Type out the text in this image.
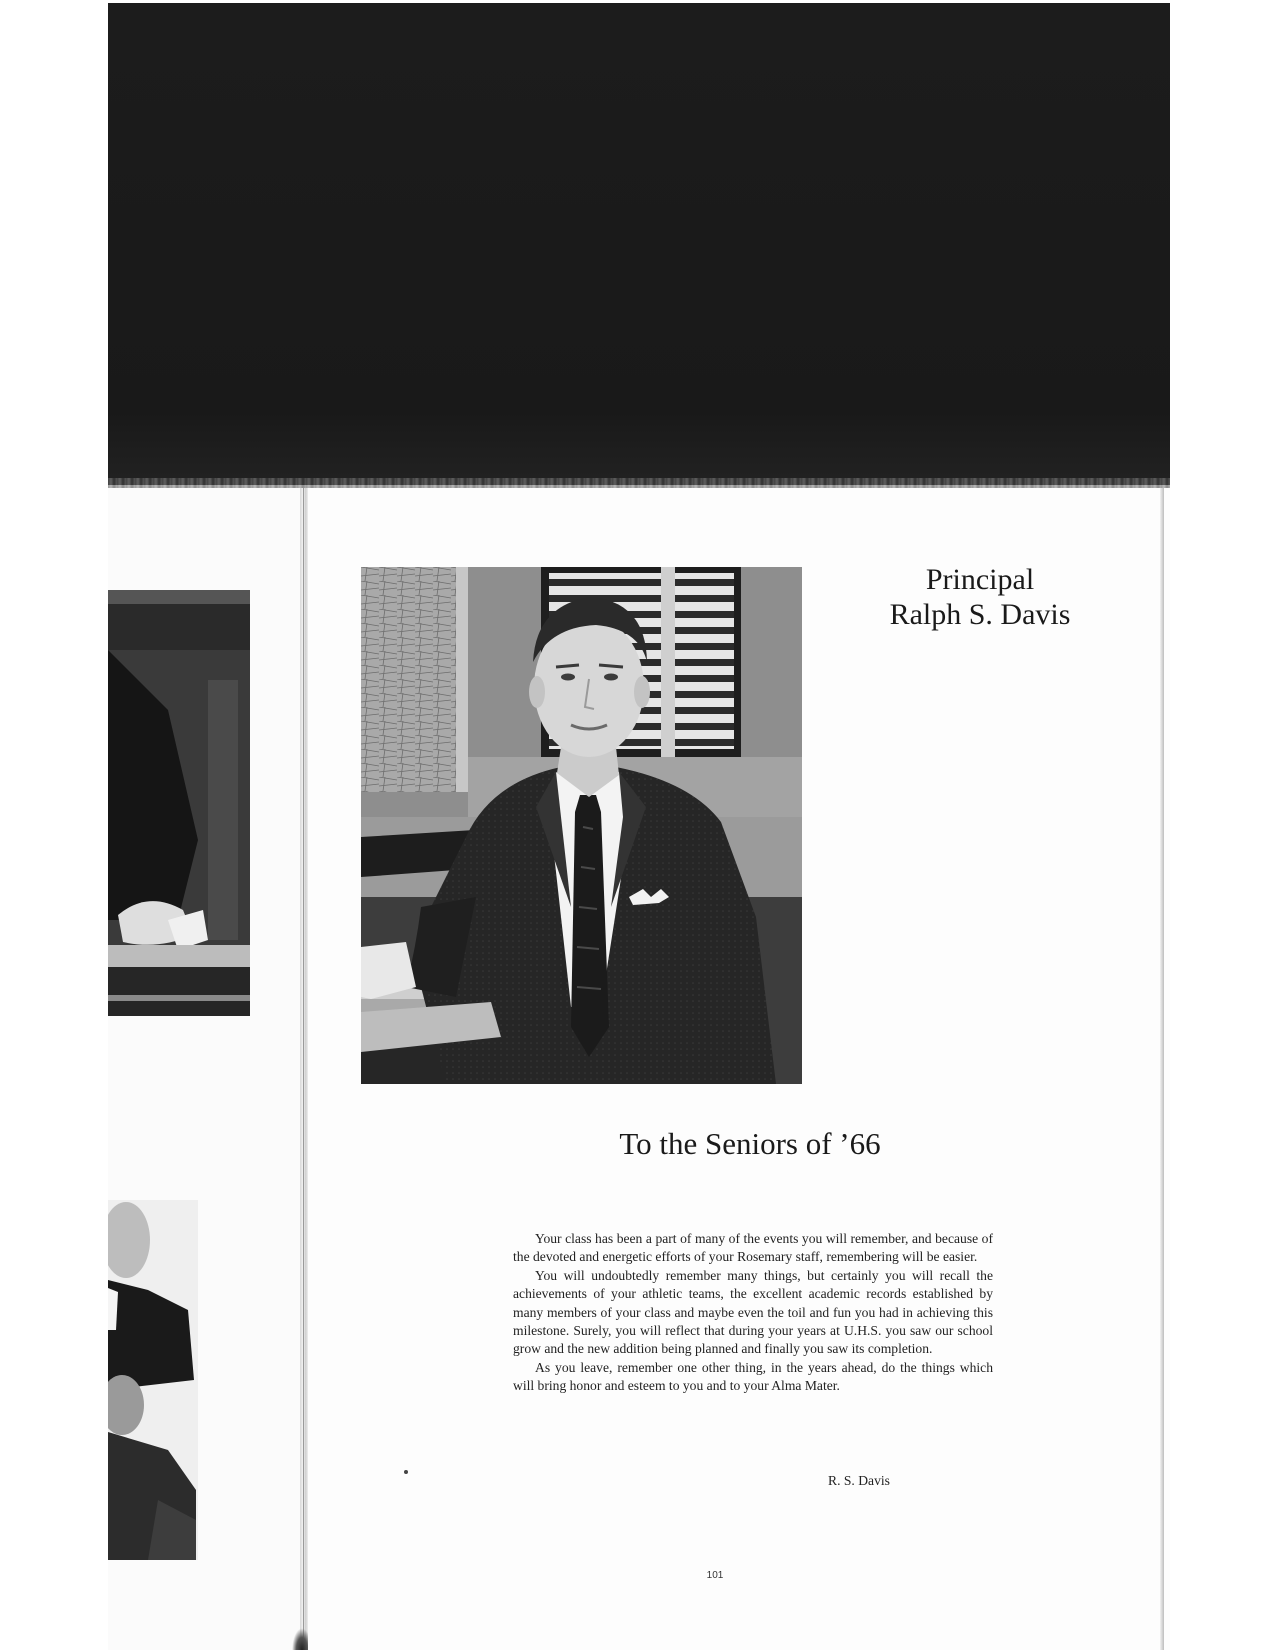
Principal
Ralph S. Davis
To the Seniors of ’66

Your class has been a part of many of the events you will remember, and because of the devoted and energetic efforts of your Rosemary staff, remembering will be easier.

You will undoubtedly remember many things, but certainly you will recall the achievements of your athletic teams, the excellent academic records established by many members of your class and maybe even the toil and fun you had in achieving this milestone. Surely, you will reflect that during your years at U.H.S. you saw our school grow and the new addition being planned and finally you saw its completion.

As you leave, remember one other thing, in the years ahead, do the things which will bring honor and esteem to you and to your Alma Mater.

R. S. Davis
101
